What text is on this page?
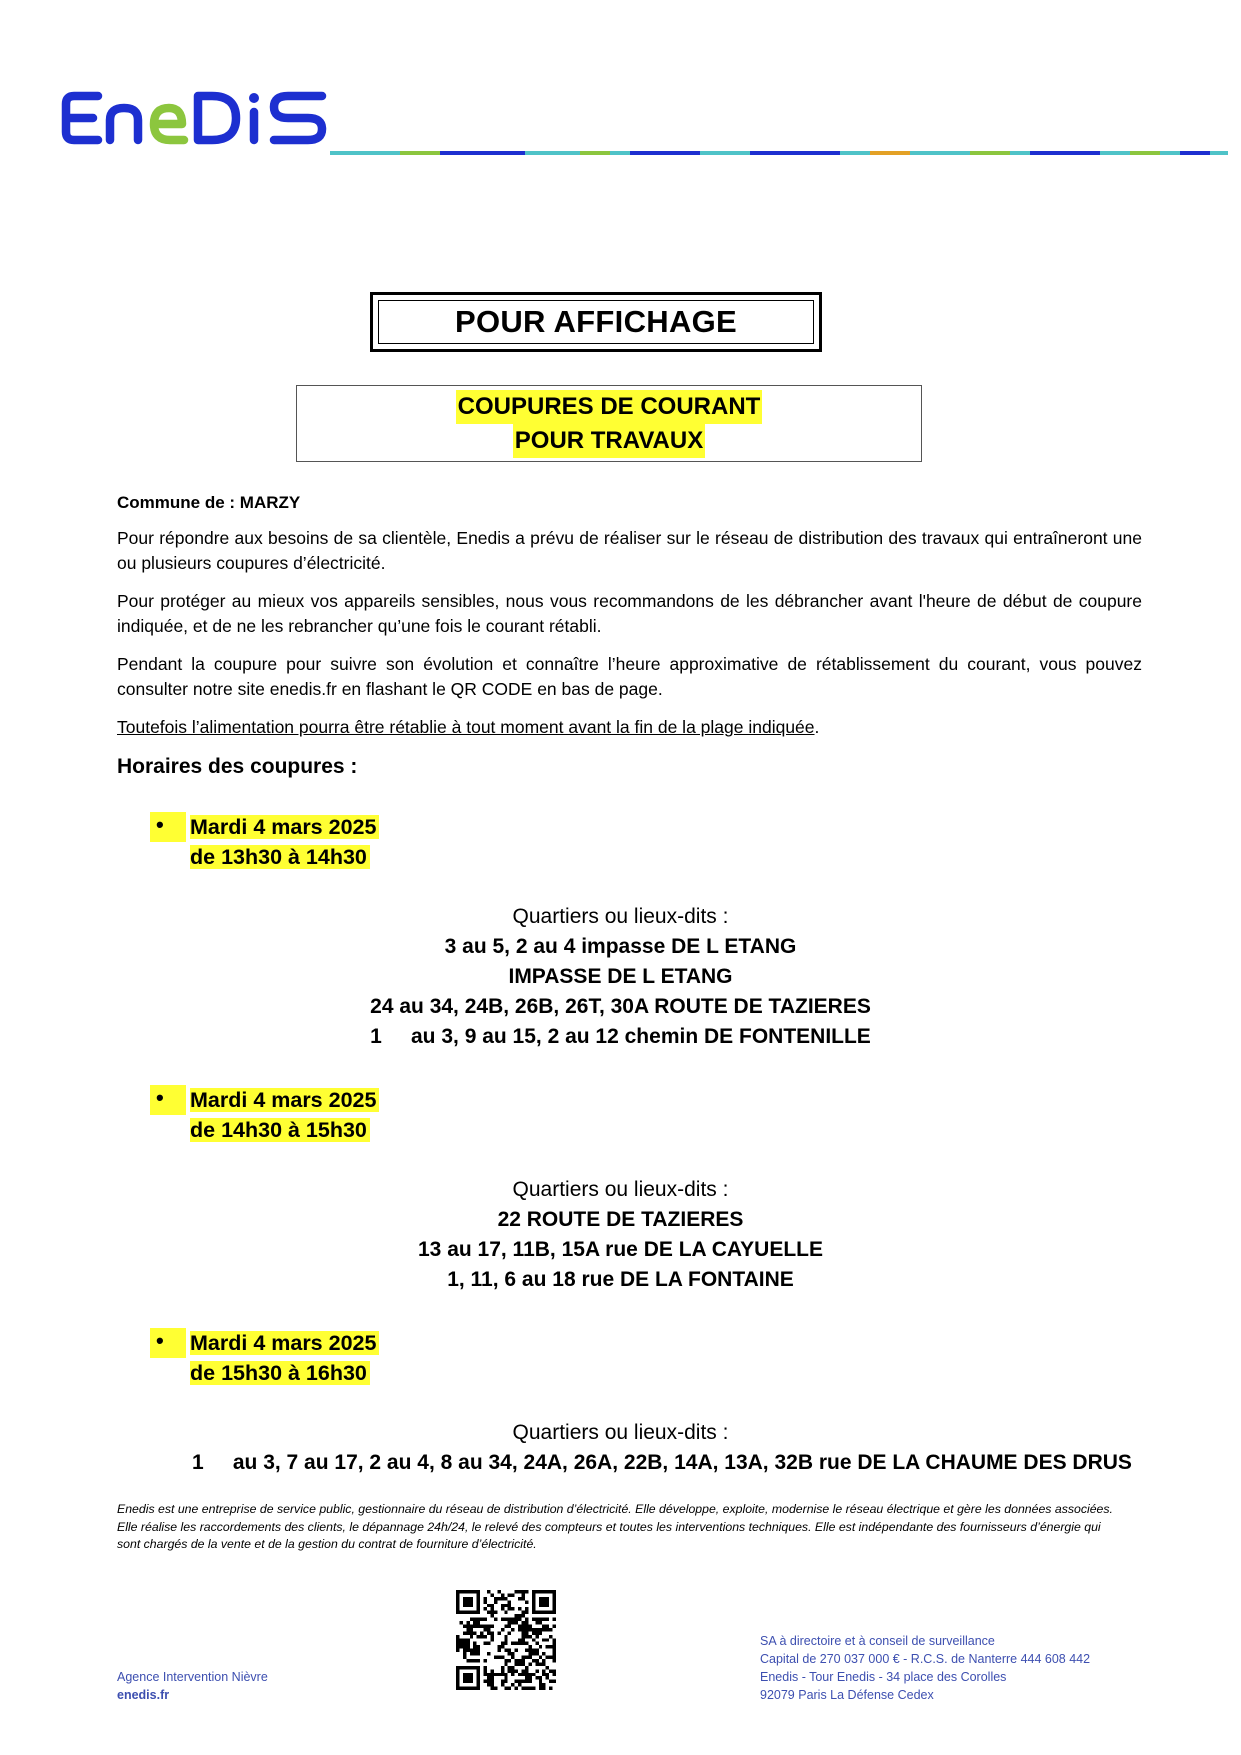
POUR AFFICHAGE
COUPURES DE COURANT
POUR TRAVAUX
Commune de : MARZY
Pour répondre aux besoins de sa clientèle, Enedis a prévu de réaliser sur le réseau de distribution des travaux qui entraîneront une ou plusieurs coupures d’électricité.
Pour protéger au mieux vos appareils sensibles, nous vous recommandons de les débrancher avant l'heure de début de coupure indiquée, et de ne les rebrancher qu’une fois le courant rétabli.
Pendant la coupure pour suivre son évolution et connaître l’heure approximative de rétablissement du courant, vous pouvez consulter notre site enedis.fr en flashant le QR CODE en bas de page.
Toutefois l’alimentation pourra être rétablie à tout moment avant la fin de la plage indiquée.
Horaires des coupures :
• Mardi 4 mars 2025
de 13h30 à 14h30
Quartiers ou lieux-dits :
3 au 5, 2 au 4 impasse DE L ETANG
IMPASSE DE L ETANG
24 au 34, 24B, 26B, 26T, 30A ROUTE DE TAZIERES
1     au 3, 9 au 15, 2 au 12 chemin DE FONTENILLE
• Mardi 4 mars 2025
de 14h30 à 15h30
Quartiers ou lieux-dits :
22 ROUTE DE TAZIERES
13 au 17, 11B, 15A rue DE LA CAYUELLE
1, 11, 6 au 18 rue DE LA FONTAINE
• Mardi 4 mars 2025
de 15h30 à 16h30
Quartiers ou lieux-dits :
1     au 3, 7 au 17, 2 au 4, 8 au 34, 24A, 26A, 22B, 14A, 13A, 32B rue DE LA CHAUME DES DRUS
Enedis est une entreprise de service public, gestionnaire du réseau de distribution d’électricité. Elle développe, exploite, modernise le réseau électrique et gère les données associées. Elle réalise les raccordements des clients, le dépannage 24h/24, le relevé des compteurs et toutes les interventions techniques. Elle est indépendante des fournisseurs d’énergie qui sont chargés de la vente et de la gestion du contrat de fourniture d’électricité.
Agence Intervention Nièvre
enedis.fr
SA à directoire et à conseil de surveillance
Capital de 270 037 000 € - R.C.S. de Nanterre 444 608 442
Enedis - Tour Enedis - 34 place des Corolles
92079 Paris La Défense Cedex
